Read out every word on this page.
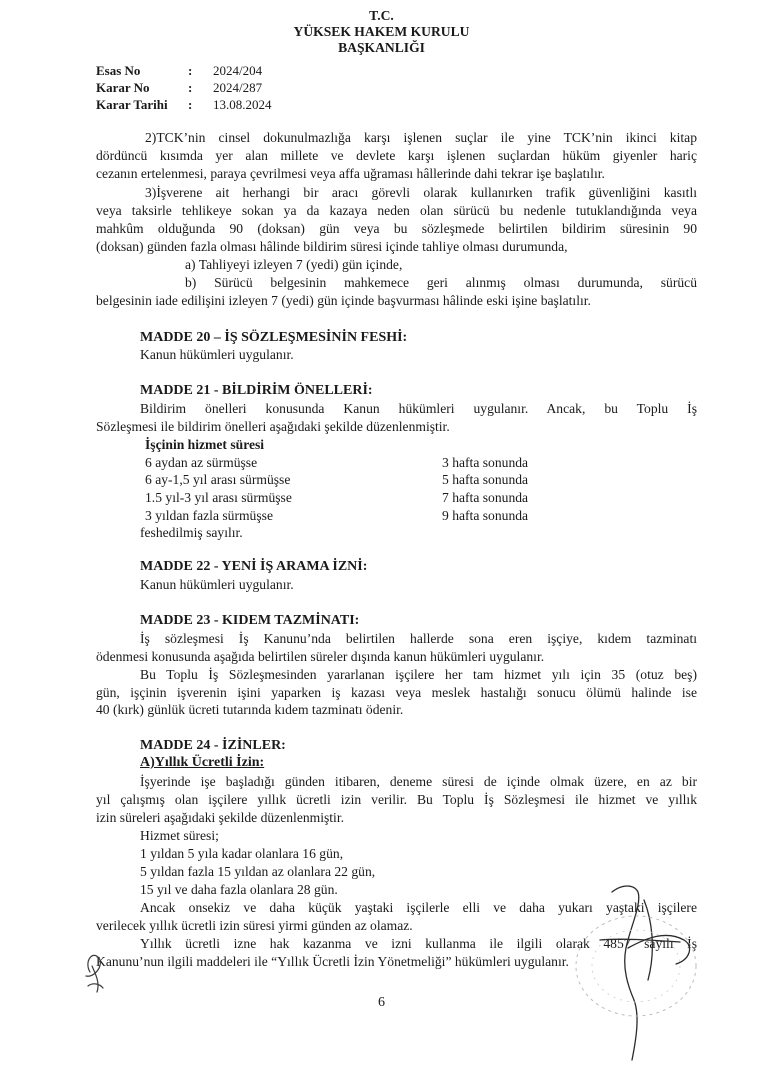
T.C.
YÜKSEK HAKEM KURULU
BAŞKANLIĞI
Esas No	: 2024/204
Karar No	: 2024/287
Karar Tarihi : 13.08.2024
2)TCK’nin cinsel dokunulmazlığa karşı işlenen suçlar ile yine TCK’nin ikinci kitap
dördüncü kısımda yer alan millete ve devlete karşı işlenen suçlardan hüküm giyenler hariç
cezanın ertelenmesi, paraya çevrilmesi veya affa uğraması hâllerinde dahi tekrar işe başlatılır.
3)İşverene ait herhangi bir aracı görevli olarak kullanırken trafik güvenliğini kasıtlı
veya taksirle tehlikeye sokan ya da kazaya neden olan sürücü bu nedenle tutuklandığında veya
mahkûm olduğunda 90 (doksan) gün veya bu sözleşmede belirtilen bildirim süresinin 90
(doksan) günden fazla olması hâlinde bildirim süresi içinde tahliye olması durumunda,
a) Tahliyeyi izleyen 7 (yedi) gün içinde,
b) Sürücü belgesinin mahkemece geri alınmış olması durumunda, sürücü
belgesinin iade edilişini izleyen 7 (yedi) gün içinde başvurması hâlinde eski işine başlatılır.
MADDE 20 – İŞ SÖZLEŞMESİNİN FESHİ:
Kanun hükümleri uygulanır.
MADDE 21 - BİLDİRİM ÖNELLERİ:
Bildirim önelleri konusunda Kanun hükümleri uygulanır. Ancak, bu Toplu İş
Sözleşmesi ile bildirim önelleri aşağıdaki şekilde düzenlenmiştir.
İşçinin hizmet süresi
6 aydan az sürmüşse	3 hafta sonunda
6 ay-1,5 yıl arası sürmüşse	5 hafta sonunda
1.5 yıl-3 yıl arası sürmüşse	7 hafta sonunda
3 yıldan fazla sürmüşse	9 hafta sonunda
feshedilmiş sayılır.
MADDE 22 - YENİ İŞ ARAMA İZNİ:
Kanun hükümleri uygulanır.
MADDE 23 - KIDEM TAZMİNATI:
İş sözleşmesi İş Kanunu’nda belirtilen hallerde sona eren işçiye, kıdem tazminatı
ödenmesi konusunda aşağıda belirtilen süreler dışında kanun hükümleri uygulanır.
Bu Toplu İş Sözleşmesinden yararlanan işçilere her tam hizmet yılı için 35 (otuz beş)
gün, işçinin işverenin işini yaparken iş kazası veya meslek hastalığı sonucu ölümü halinde ise
40 (kırk) günlük ücreti tutarında kıdem tazminatı ödenir.
MADDE 24 - İZİNLER:
A)Yıllık Ücretli İzin:
İşyerinde işe başladığı günden itibaren, deneme süresi de içinde olmak üzere, en az bir
yıl çalışmış olan işçilere yıllık ücretli izin verilir. Bu Toplu İş Sözleşmesi ile hizmet ve yıllık
izin süreleri aşağıdaki şekilde düzenlenmiştir.
Hizmet süresi;
1 yıldan 5 yıla kadar olanlara 16 gün,
5 yıldan fazla 15 yıldan az olanlara 22 gün,
15 yıl ve daha fazla olanlara 28 gün.
Ancak onsekiz ve daha küçük yaştaki işçilerle elli ve daha yukarı yaştaki işçilere
verilecek yıllık ücretli izin süresi yirmi günden az olamaz.
Yıllık ücretli izne hak kazanma ve izni kullanma ile ilgili olarak 4857 sayılı İş
Kanunu’nun ilgili maddeleri ile “Yıllık Ücretli İzin Yönetmeliği” hükümleri uygulanır.
6
